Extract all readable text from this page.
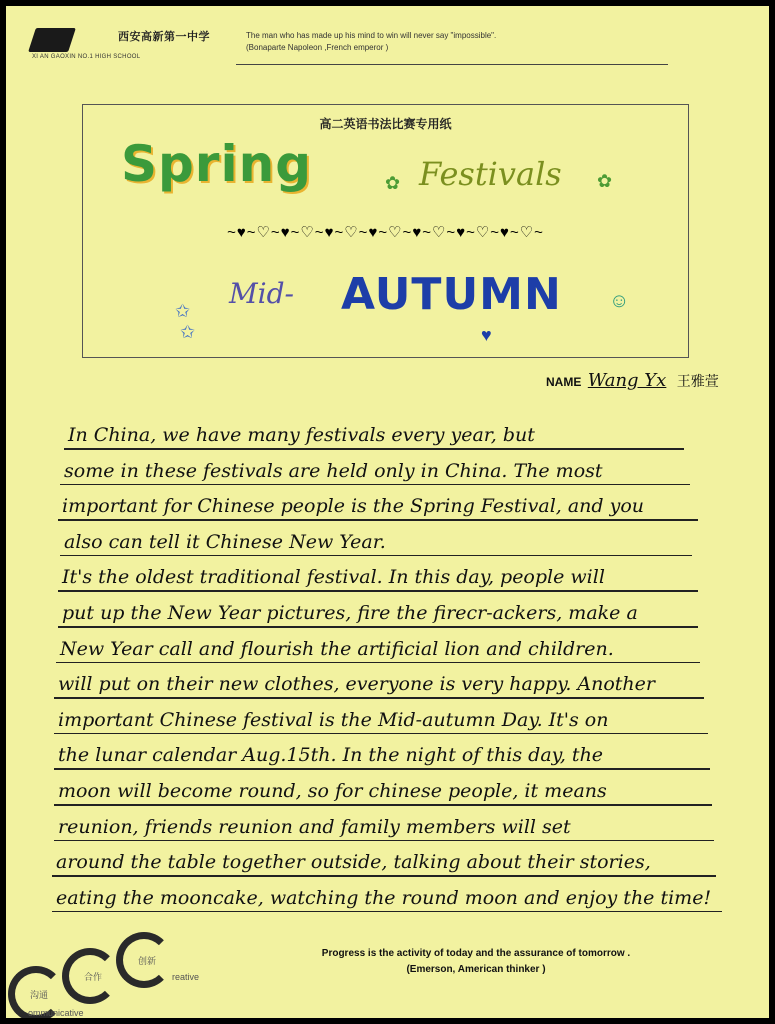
西安高新第一中学
XI AN GAOXIN NO.1 HIGH SCHOOL
The man who has made up his mind to win will never say "impossible".
(Bonaparte Napoleon ,French emperor )
高二英语书法比赛专用纸
Spring	✿ Festivals ✿
~♥~♡~♥~♡~♥~♡~♥~♡~♥~♡~♥~♡~♥~♡~
✩
✩
Mid- AUTUMN ☺
♥
NAME Wang Yx 王雅萱
In China, we have many festivals every year, but
some in these festivals are held only in China. The most
important for Chinese people is the Spring Festival, and you
also can tell it Chinese New Year.
It's the oldest traditional festival. In this day, people will
put up the New Year pictures, fire the firecr-ackers, make a
New Year call and flourish the artificial lion and children.
will put on their new clothes, everyone is very happy. Another
important Chinese festival is the Mid-autumn Day. It's on
the lunar calendar Aug.15th. In the night of this day, the
moon will become round, so for chinese people, it means
reunion, friends reunion and family members will set
around the table together outside, talking about their stories,
eating the mooncake, watching the round moon and enjoy the time!
沟通
合作
创新
reative
ommunicative
Progress is the activity of today and the assurance of tomorrow .
(Emerson, American thinker )
